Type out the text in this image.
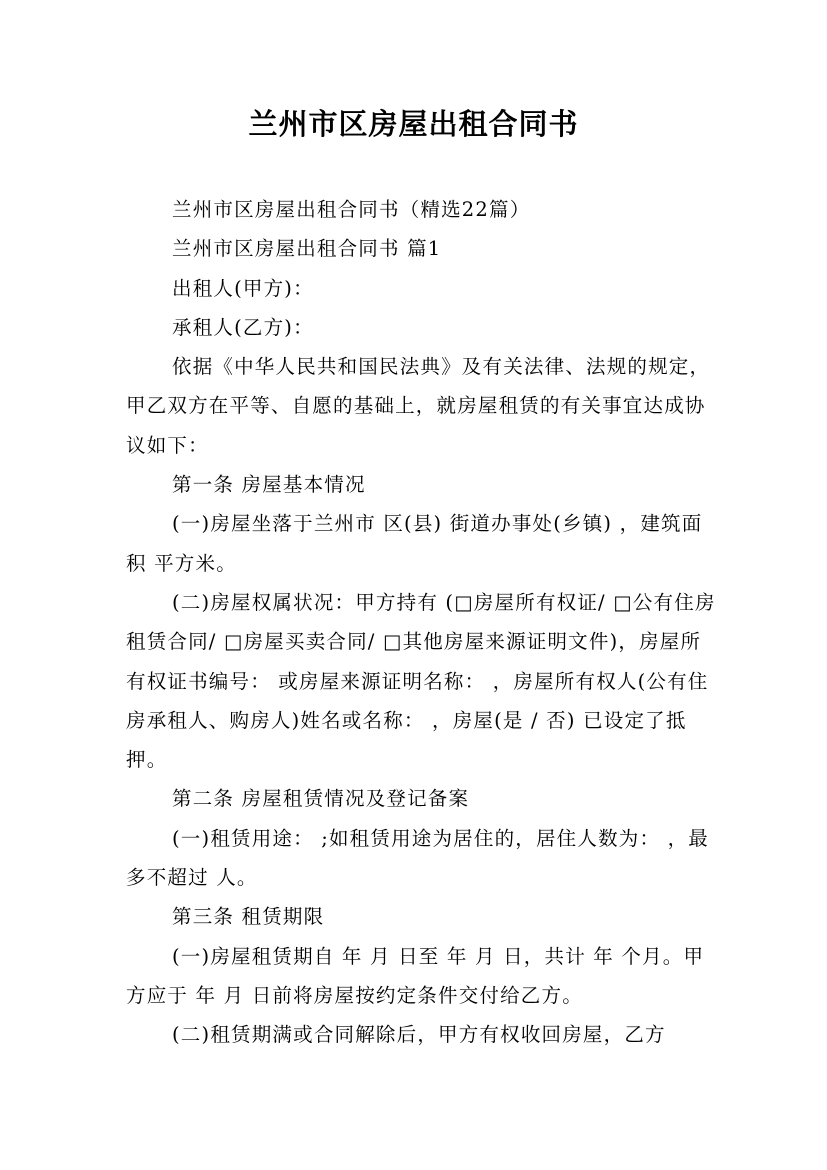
兰州市区房屋出租合同书

兰州市区房屋出租合同书（精选22篇）

兰州市区房屋出租合同书 篇1

出租人(甲方)：

承租人(乙方)：

依据《中华人民共和国民法典》及有关法律、法规的规定，甲乙双方在平等、自愿的基础上，就房屋租赁的有关事宜达成协议如下：

第一条 房屋基本情况

(一)房屋坐落于兰州市 区(县) 街道办事处(乡镇) ，建筑面积 平方米。

(二)房屋权属状况：甲方持有 (□房屋所有权证/ □公有住房租赁合同/ □房屋买卖合同/ □其他房屋来源证明文件)，房屋所有权证书编号： 或房屋来源证明名称： ，房屋所有权人(公有住房承租人、购房人)姓名或名称： ，房屋(是 / 否) 已设定了抵押。

第二条 房屋租赁情况及登记备案

(一)租赁用途： ;如租赁用途为居住的，居住人数为： ，最多不超过 人。

第三条 租赁期限

(一)房屋租赁期自 年 月 日至 年 月 日，共计 年 个月。甲方应于 年 月 日前将房屋按约定条件交付给乙方。

(二)租赁期满或合同解除后，甲方有权收回房屋，乙方
